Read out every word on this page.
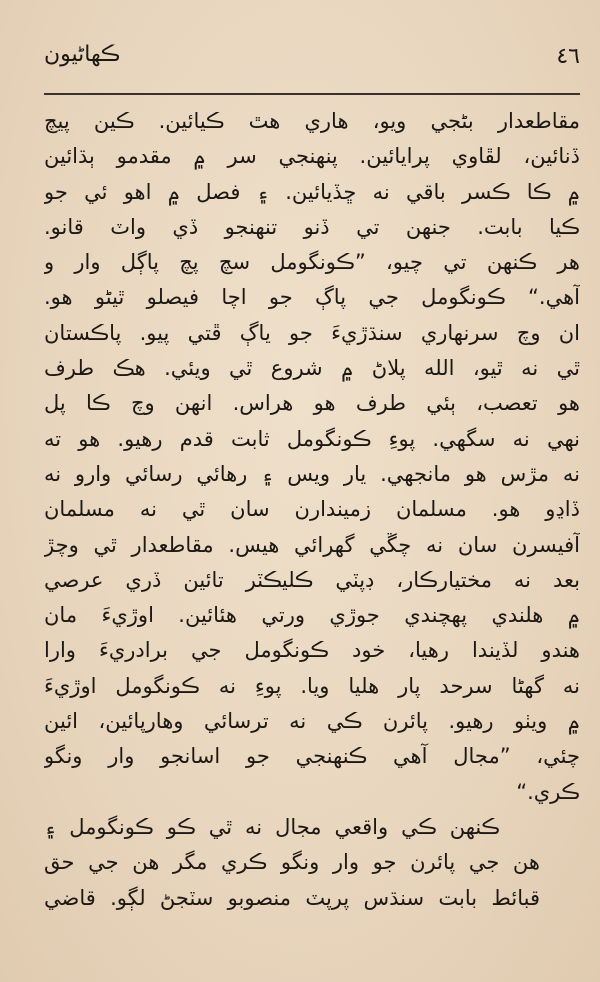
ڪهاڻيون	٤٦

مقاطعدار بڻجي ويو، هاري هٿ ڪيائين. ڪين پيچ
ڏنائين، لڦاوي پرايائين. پنهنجي سر ۾ مقدمو ٻڌائين
۾ ڪا ڪسر باقي نه ڇڏيائين. ۽ فصل ۾ اهو ئي جو
ڪيا بابت. جنهن تي ڏنو تنهنجو ڏي واٽ قانو.
هر ڪنهن تي چيو، ”ڪونگومل سچ پچ پاڳل وار و
آهي.“ ڪونگومل جي پاڳ جو اچا فيصلو ٿيڻو هو.
ان وچ سرنهاري سنڌڙيءَ جو ياڳ ڦتي پيو. پاڪستان
ٿي نه ٿيو، الله پلاڻ ۾ شروع ٿي ويئي. هڪ طرف
هو تعصب، ٻئي طرف هو هراس. انهن وچ ڪا پل
نهي نه سگهي. پوءِ ڪونگومل ثابت قدم رهيو. هو ته
نه مڙس هو مانجهي. يار ويس ۽ رهائي رسائي وارو نه
ڏاڍو هو. مسلمان زميندارن سان ٿي نه مسلمان
آفيسرن سان نه چڱي گهرائي هيس. مقاطعدار ٿي وچڙ
بعد نه مختيارڪار، ڊپٽي ڪليڪٽر تائين ڏري عرصي
۾ هلندي پهچندي جوڙي ورتي هئائين. اوڙيءَ مان
هندو لڏيندا رهيا، خود ڪونگومل جي برادريءَ وارا
نه گهڻا سرحد پار هليا ويا. پوءِ نه ڪونگومل اوڙيءَ
۾ ويٺو رهيو. پائرن ڪي نه ترسائي وهارپائين، ائين
چئي، ”مجال آهي ڪنهنجي جو اسانجو وار ونگو
ڪري.“

ڪنهن ڪي واقعي مجال نه ٿي ڪو ڪونگومل ۽
هن جي پائرن جو وار ونگو ڪري مگر هن جي حق
قبائط بابت سنڌس پرپٽ منصوبو سٽجڻ لڳو. قاضي
